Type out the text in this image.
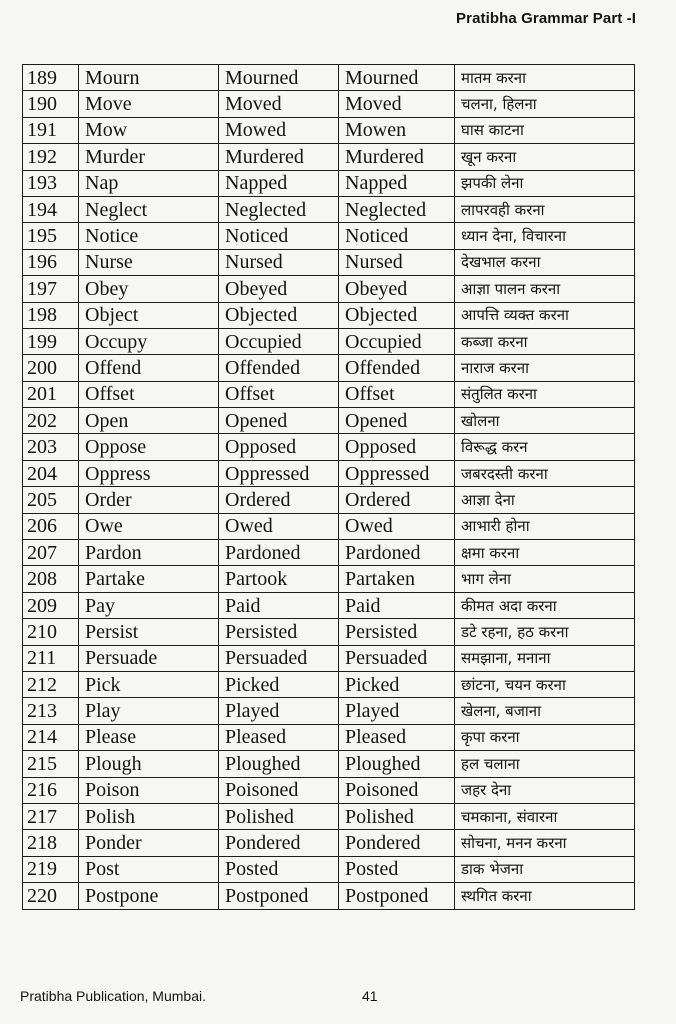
Pratibha Grammar Part -I
189	Mourn	Mourned	Mourned	मातम करना
190	Move	Moved	Moved	चलना, हिलना
191	Mow	Mowed	Mowen	घास काटना
192	Murder	Murdered	Murdered	खून करना
193	Nap	Napped	Napped	झपकी लेना
194	Neglect	Neglected	Neglected	लापरवही करना
195	Notice	Noticed	Noticed	ध्यान देना, विचारना
196	Nurse	Nursed	Nursed	देखभाल करना
197	Obey	Obeyed	Obeyed	आज्ञा पालन करना
198	Object	Objected	Objected	आपत्ति व्यक्त करना
199	Occupy	Occupied	Occupied	कब्जा करना
200	Offend	Offended	Offended	नाराज करना
201	Offset	Offset	Offset	संतुलित करना
202	Open	Opened	Opened	खोलना
203	Oppose	Opposed	Opposed	विरूद्ध करन
204	Oppress	Oppressed	Oppressed	जबरदस्ती करना
205	Order	Ordered	Ordered	आज्ञा देना
206	Owe	Owed	Owed	आभारी होना
207	Pardon	Pardoned	Pardoned	क्षमा करना
208	Partake	Partook	Partaken	भाग लेना
209	Pay	Paid	Paid	कीमत अदा करना
210	Persist	Persisted	Persisted	डटे रहना, हठ करना
211	Persuade	Persuaded	Persuaded	समझाना, मनाना
212	Pick	Picked	Picked	छांटना, चयन करना
213	Play	Played	Played	खेलना, बजाना
214	Please	Pleased	Pleased	कृपा करना
215	Plough	Ploughed	Ploughed	हल चलाना
216	Poison	Poisoned	Poisoned	जहर देना
217	Polish	Polished	Polished	चमकाना, संवारना
218	Ponder	Pondered	Pondered	सोचना, मनन करना
219	Post	Posted	Posted	डाक भेजना
220	Postpone	Postponed	Postponed	स्थगित करना
Pratibha Publication, Mumbai.	41
